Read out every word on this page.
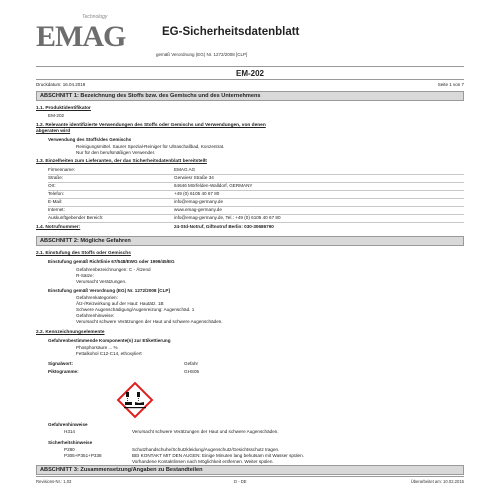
Technology
EMAG	EG-Sicherheitsdatenblatt
gemäß Verordnung (EG) Nr. 1272/2008 [CLP]
EM-202
Druckdatum: 16.04.2019	Seite 1 von 7
ABSCHNITT 1: Bezeichnung des Stoffs bzw. des Gemischs und des Unternehmens
1.1. Produktidentifikator
EM-202
1.2. Relevante identifizierte Verwendungen des Stoffs oder Gemischs und Verwendungen, von denen
abgeraten wird
Verwendung des Stoffs/des Gemischs
Reinigungsmittel. Saurer Spezial-Reiniger für Ultraschallbad, Konzentrat.
Nur für den berufsmäßigen Verwender.
1.3. Einzelheiten zum Lieferanten, der das Sicherheitsdatenblatt bereitstellt
Firmenname:	EMAG AG
Straße:	Gerwiesr Straße 34
Ort:	64646 Mörfelden-Walldorf, GERMANY
Telefon:	+49 (0) 6105 40 67 80
E-Mail:	info@emag-germany.de
Internet:	www.emag-germany.de
Auskunftgebender Bereich:	info@emag-germany.de, Tel.: +49 (0) 6105 40 67 80
1.4. Notrufnummer:	24-Std-Notruf, Giftnotruf Berlin: 030-30686790
ABSCHNITT 2: Mögliche Gefahren
2.1. Einstufung des Stoffs oder Gemischs
Einstufung gemäß Richtlinie 67/548/EWG oder 1999/45/EG
Gefahrenbezeichnungen: C - Ätzend
R-Sätze:
Verursacht Verätzungen.
Einstufung gemäß Verordnung (EG) Nr. 1272/2008 [CLP]
Gefahrenkategorien:
Ätz-/Reizwirkung auf der Haut: Hautätz. 1B
Schwere Augenschädigung/Augenreizung: Augenschäd. 1
Gefahrenhinweise:
Verursacht schwere Verätzungen der Haut und schwere Augenschäden.
2.2. Kennzeichnungselemente
Gefahrenbestimmende Komponente(n) zur Etikettierung
Phosphorsäure ... %
Fettalkohol C12-C14, ethoxyliert
Signalwort:	Gefahr
Piktogramme:	GHS05
Gefahrenhinweise
H314	Verursacht schwere Verätzungen der Haut und schwere Augenschäden.
Sicherheitshinweise
P280	Schutzhandschuhe/Schutzkleidung/Augenschutz/Gesichtsschutz tragen.
P305+P351+P338	BEI KONTAKT MIT DEN AUGEN: Einige Minuten lang behutsam mit Wasser spülen.
Vorhandene Kontaktlinsen nach Möglichkeit entfernen. Weiter spülen.
ABSCHNITT 3: Zusammensetzung/Angaben zu Bestandteilen
Revisions-Nr.: 1,03	D - DE	Überarbeitet am: 10.02.2015
